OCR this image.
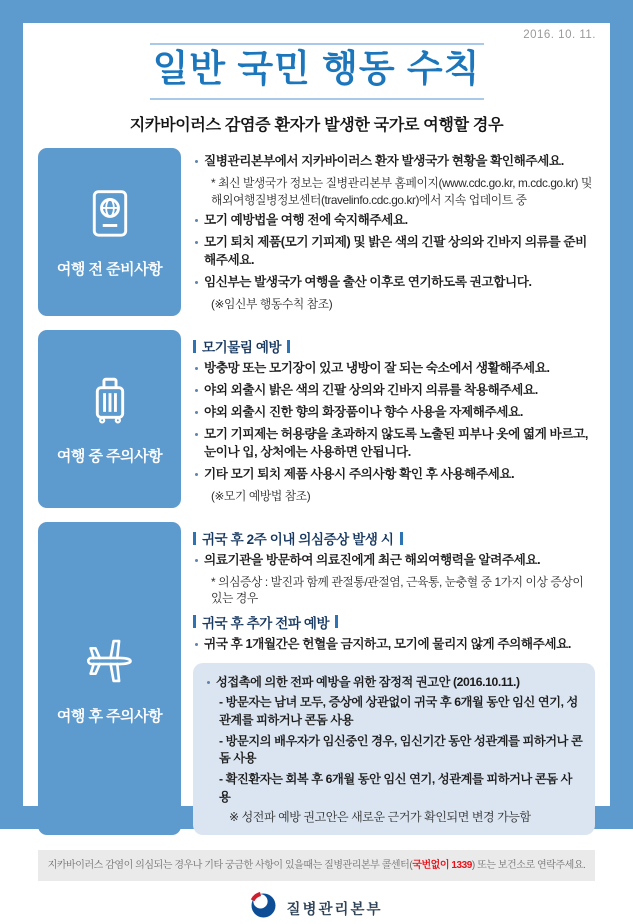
2016. 10. 11.
일반 국민 행동 수칙
지카바이러스 감염증 환자가 발생한 국가로 여행할 경우
여행 전 준비사항

질병관리본부에서 지카바이러스 환자 발생국가 현황을 확인해주세요.

* 최신 발생국가 정보는 질병관리본부 홈페이지(www.cdc.go.kr, m.cdc.go.kr) 및 해외여행질병정보센터(travelinfo.cdc.go.kr)에서 지속 업데이트 중

모기 예방법을 여행 전에 숙지해주세요.

모기 퇴치 제품(모기 기피제) 및 밝은 색의 긴팔 상의와 긴바지 의류를 준비해주세요.

임신부는 발생국가 여행을 출산 이후로 연기하도록 권고합니다.

(※임신부 행동수칙 참조)

여행 중 주의사항
모기물림 예방

방충망 또는 모기장이 있고 냉방이 잘 되는 숙소에서 생활해주세요.

야외 외출시 밝은 색의 긴팔 상의와 긴바지 의류를 착용해주세요.

야외 외출시 진한 향의 화장품이나 향수 사용을 자제해주세요.

모기 기피제는 허용량을 초과하지 않도록 노출된 피부나 옷에 엷게 바르고, 눈이나 입, 상처에는 사용하면 안됩니다.

기타 모기 퇴치 제품 사용시 주의사항 확인 후 사용해주세요.

(※모기 예방법 참조)

여행 후 주의사항
귀국 후 2주 이내 의심증상 발생 시

의료기관을 방문하여 의료진에게 최근 해외여행력을 알려주세요.

* 의심증상 : 발진과 함께 관절통/관절염, 근육통, 눈충혈 중 1가지 이상 증상이 있는 경우

귀국 후 추가 전파 예방

귀국 후 1개월간은 헌혈을 금지하고, 모기에 물리지 않게 주의해주세요.

성접촉에 의한 전파 예방을 위한 잠정적 권고안 (2016.10.11.)

- 방문자는 남녀 모두, 증상에 상관없이 귀국 후 6개월 동안 임신 연기, 성관계를 피하거나 콘돔 사용

- 방문지의 배우자가 임신중인 경우, 임신기간 동안 성관계를 피하거나 콘돔 사용

- 확진환자는 회복 후 6개월 동안 임신 연기, 성관계를 피하거나 콘돔 사용

※ 성전파 예방 권고안은 새로운 근거가 확인되면 변경 가능함

지카바이러스 감염이 의심되는 경우나 기타 궁금한 사항이 있을때는 질병관리본부 콜센터(국번없이 1339) 또는 보건소로 연락주세요.
질병관리본부
